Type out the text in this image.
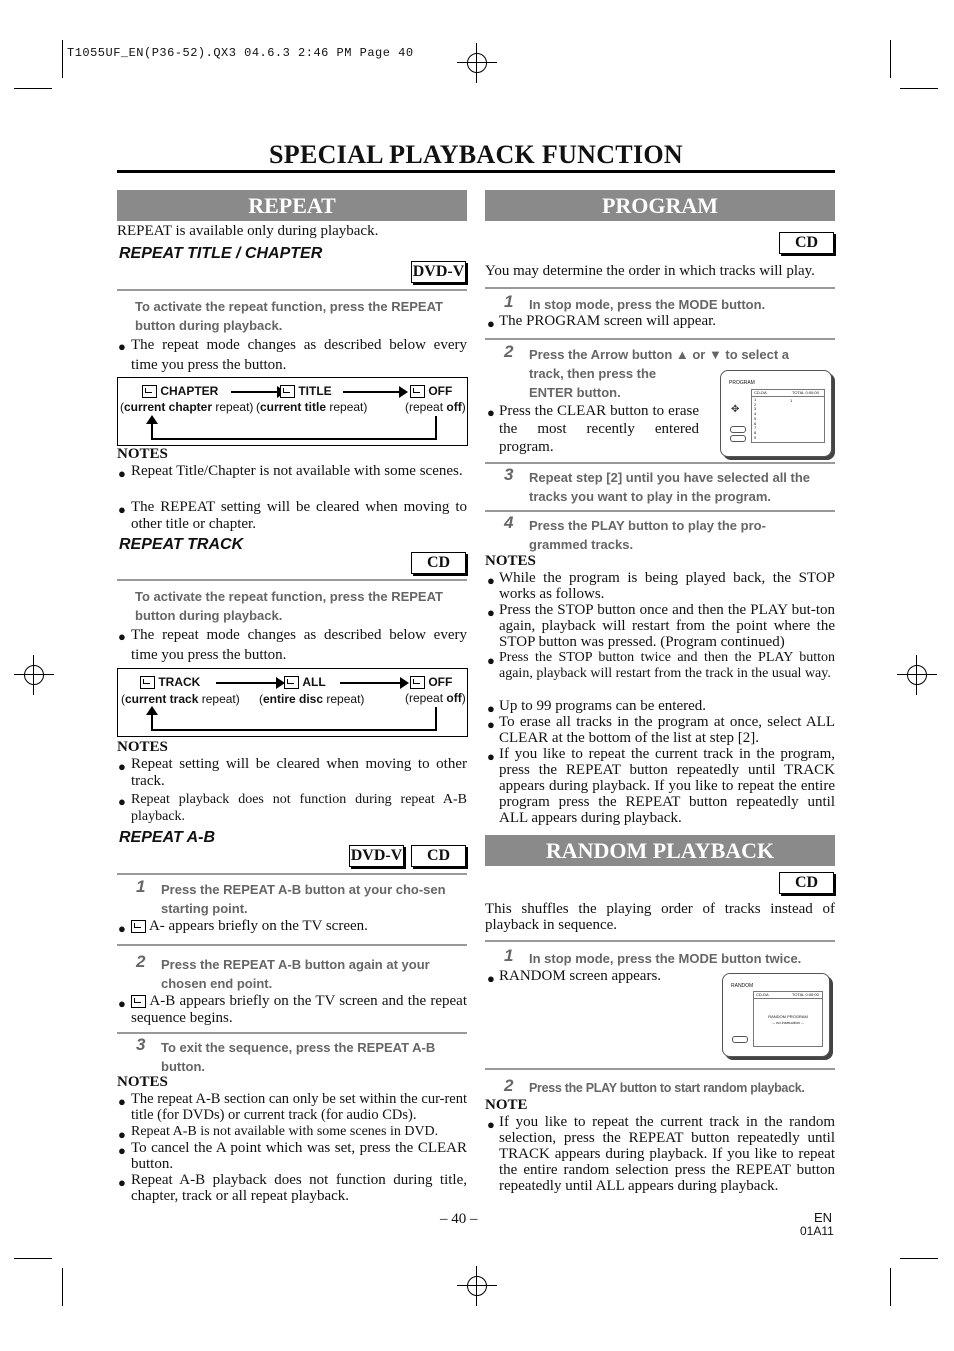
T1055UF_EN(P36-52).QX3 04.6.3 2:46 PM Page 40
SPECIAL PLAYBACK FUNCTION
REPEAT
REPEAT is available only during playback.
REPEAT TITLE / CHAPTER
DVD-V
To activate the repeat function, press the REPEAT button during playback.
● The repeat mode changes as described below every time you press the button.
CHAPTER	TITLE	OFF
(current chapter repeat) (current title repeat)	(repeat off)
NOTES
● Repeat Title/Chapter is not available with some scenes.
● The REPEAT setting will be cleared when moving to other title or chapter.
REPEAT TRACK
CD
To activate the repeat function, press the REPEAT button during playback.
● The repeat mode changes as described below every time you press the button.
TRACK	ALL	OFF
(current track repeat) (entire disc repeat)	(repeat off)
NOTES
● Repeat setting will be cleared when moving to other track.
● Repeat playback does not function during repeat A-B playback.
REPEAT A-B
DVD-V	CD
1 Press the REPEAT A-B button at your cho-sen starting point.
●	A- appears briefly on the TV screen.
2 Press the REPEAT A-B button again at your chosen end point.
●	A-B appears briefly on the TV screen and the repeat sequence begins.
3 To exit the sequence, press the REPEAT A-B button.
NOTES
● The repeat A-B section can only be set within the cur-rent title (for DVDs) or current track (for audio CDs).
● Repeat A-B is not available with some scenes in DVD.
● To cancel the A point which was set, press the CLEAR button.
● Repeat A-B playback does not function during title, chapter, track or all repeat playback.
PROGRAM
CD
You may determine the order in which tracks will play.
1 In stop mode, press the MODE button.
● The PROGRAM screen will appear.
2 Press the Arrow button ▲ or ▼ to select a
track, then press the ENTER button.
● Press the CLEAR button to erase the most recently entered program.
PROGRAM
CD-DA	TOTAL 0:00:00
1
2
3
4
5
6
7
8
9
1
✥
3 Repeat step [2] until you have selected all the tracks you want to play in the program.
4 Press the PLAY button to play the pro-grammed tracks.
NOTES
● While the program is being played back, the STOP works as follows.
● Press the STOP button once and then the PLAY but-ton again, playback will restart from the point where the STOP button was pressed. (Program continued)
● Press the STOP button twice and then the PLAY button again, playback will restart from the track in the usual way.
● Up to 99 programs can be entered.
● To erase all tracks in the program at once, select ALL CLEAR at the bottom of the list at step [2].
● If you like to repeat the current track in the program, press the REPEAT button repeatedly until TRACK appears during playback. If you like to repeat the entire program press the REPEAT button repeatedly until ALL appears during playback.
RANDOM PLAYBACK
CD
This shuffles the playing order of tracks instead of playback in sequence.
1 In stop mode, press the MODE button twice.
● RANDOM screen appears.
RANDOM
CD-DA	TOTAL 0:00:00
RANDOM PROGRAM
-- no instruction --
2 Press the PLAY button to start random playback.
NOTE
● If you like to repeat the current track in the random selection, press the REPEAT button repeatedly until TRACK appears during playback. If you like to repeat the entire random selection press the REPEAT button repeatedly until ALL appears during playback.
– 40 –	EN
01A11
